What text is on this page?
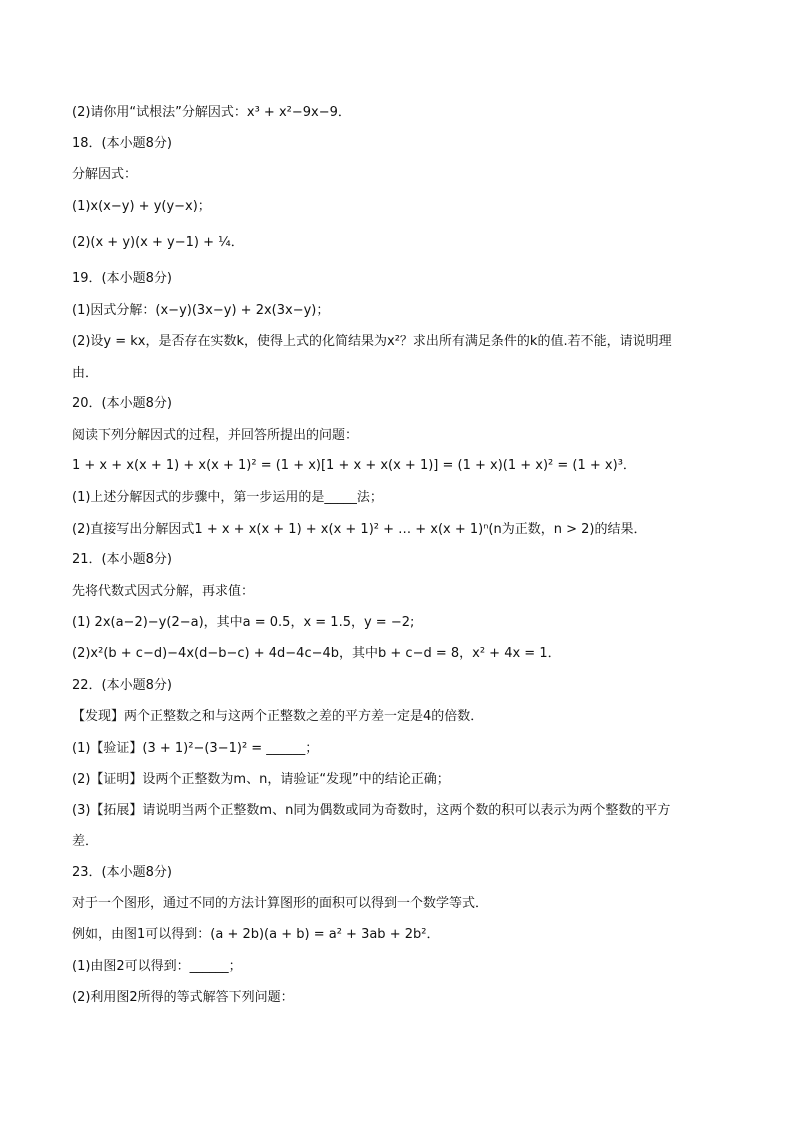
(2)请你用“试根法”分解因式：x³ + x²−9x−9．
18．(本小题8分)
分解因式：
(1)x(x−y) + y(y−x)；
(2)(x + y)(x + y−1) + ¼．
19．(本小题8分)
(1)因式分解：(x−y)(3x−y) + 2x(3x−y)；
(2)设y = kx，是否存在实数k，使得上式的化简结果为x²？求出所有满足条件的k的值.若不能，请说明理
由．
20．(本小题8分)
阅读下列分解因式的过程，并回答所提出的问题：
1 + x + x(x + 1) + x(x + 1)² = (1 + x)[1 + x + x(x + 1)] = (1 + x)(1 + x)² = (1 + x)³．
(1)上述分解因式的步骤中，第一步运用的是_____法；
(2)直接写出分解因式1 + x + x(x + 1) + x(x + 1)² + … + x(x + 1)ⁿ(n为正数，n > 2)的结果．
21．(本小题8分)
先将代数式因式分解，再求值：
(1) 2x(a−2)−y(2−a)，其中a = 0.5，x = 1.5，y = −2;
(2)x²(b + c−d)−4x(d−b−c) + 4d−4c−4b，其中b + c−d = 8，x² + 4x = 1．
22．(本小题8分)
【发现】两个正整数之和与这两个正整数之差的平方差一定是4的倍数．
(1)【验证】(3 + 1)²−(3−1)² = ______；
(2)【证明】设两个正整数为m、n，请验证“发现”中的结论正确；
(3)【拓展】请说明当两个正整数m、n同为偶数或同为奇数时，这两个数的积可以表示为两个整数的平方
差．
23．(本小题8分)
对于一个图形，通过不同的方法计算图形的面积可以得到一个数学等式．
例如，由图1可以得到：(a + 2b)(a + b) = a² + 3ab + 2b²．
(1)由图2可以得到：______；
(2)利用图2所得的等式解答下列问题：
